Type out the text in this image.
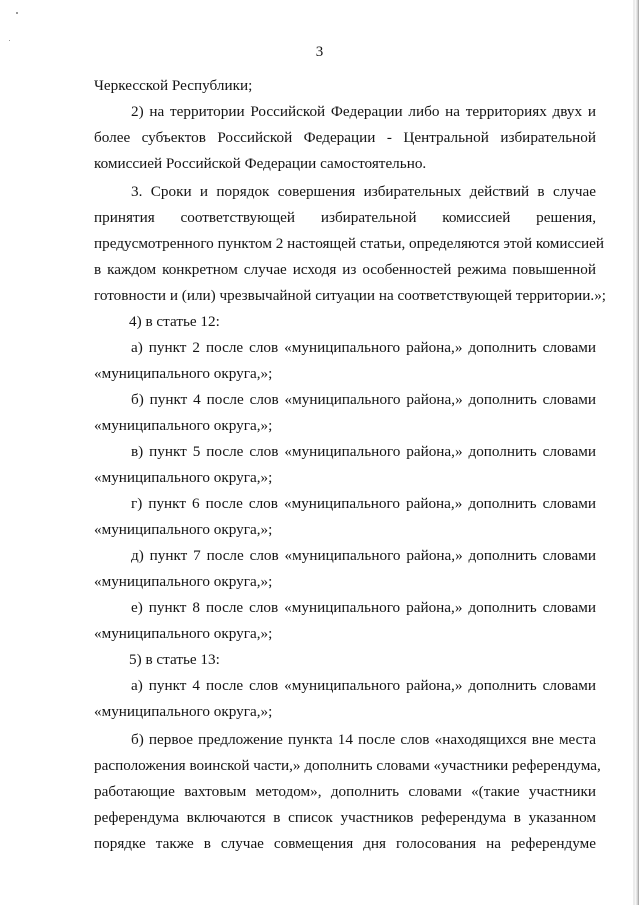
3
Черкесской Республики;
2) на территории Российской Федерации либо на территориях двух и
более субъектов Российской Федерации - Центральной избирательной
комиссией Российской Федерации самостоятельно.
3. Сроки и порядок совершения избирательных действий в случае
принятия соответствующей избирательной комиссией решения,
предусмотренного пунктом 2 настоящей статьи, определяются этой комиссией
в каждом конкретном случае исходя из особенностей режима повышенной
готовности и (или) чрезвычайной ситуации на соответствующей территории.»;
4) в статье 12:
а) пункт 2 после слов «муниципального района,» дополнить словами
«муниципального округа,»;
б) пункт 4 после слов «муниципального района,» дополнить словами
«муниципального округа,»;
в) пункт 5 после слов «муниципального района,» дополнить словами
«муниципального округа,»;
г) пункт 6 после слов «муниципального района,» дополнить словами
«муниципального округа,»;
д) пункт 7 после слов «муниципального района,» дополнить словами
«муниципального округа,»;
е) пункт 8 после слов «муниципального района,» дополнить словами
«муниципального округа,»;
5) в статье 13:
а) пункт 4 после слов «муниципального района,» дополнить словами
«муниципального округа,»;
б) первое предложение пункта 14 после слов «находящихся вне места
расположения воинской части,» дополнить словами «участники референдума,
работающие вахтовым методом», дополнить словами «(такие участники
референдума включаются в список участников референдума в указанном
порядке также в случае совмещения дня голосования на референдуме
